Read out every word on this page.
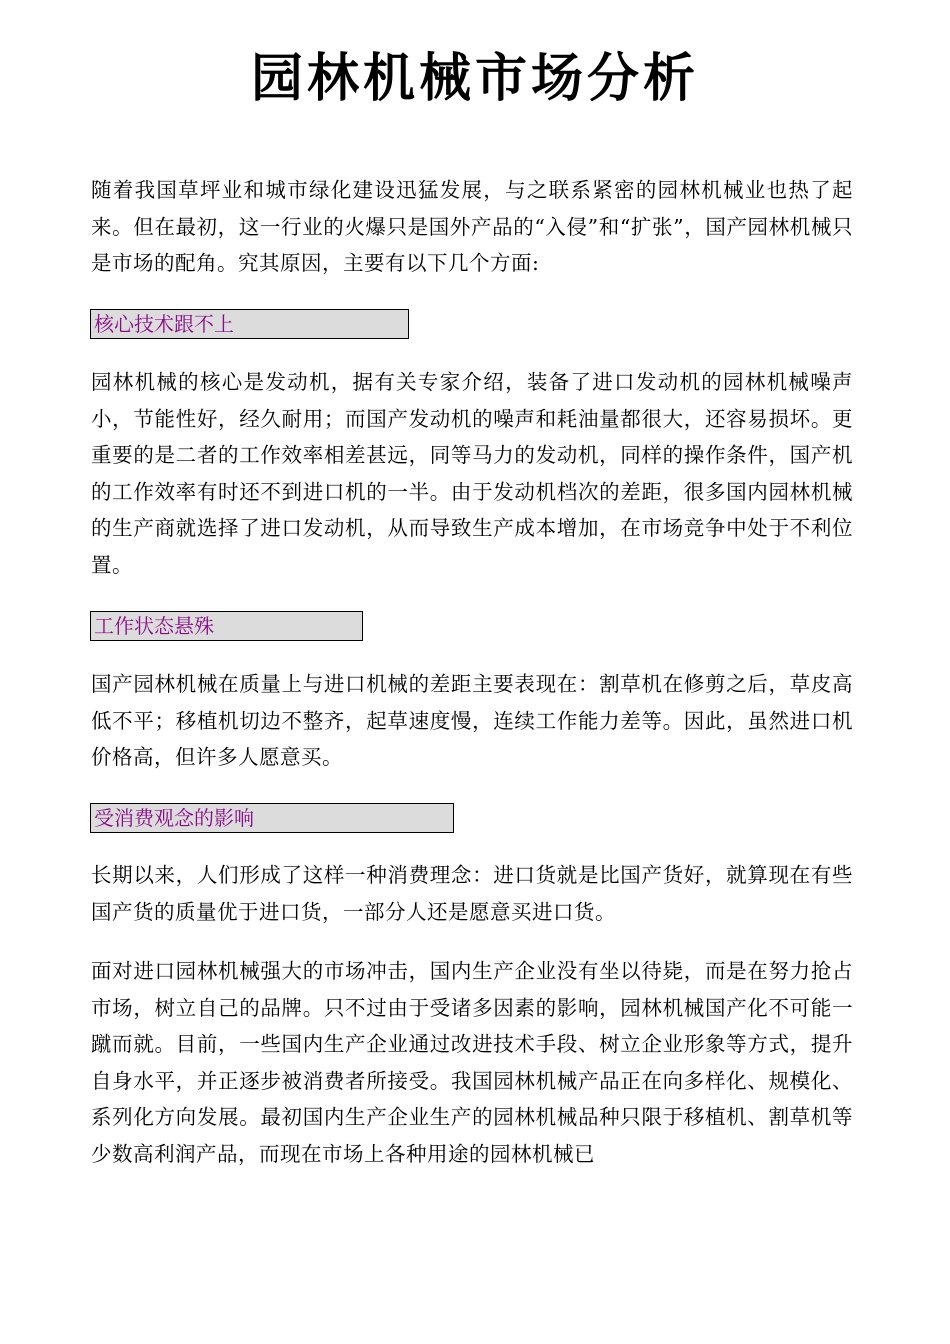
园林机械市场分析

随着我国草坪业和城市绿化建设迅猛发展，与之联系紧密的园林机械业也热了起来。但在最初，这一行业的火爆只是国外产品的“入侵”和“扩张”，国产园林机械只是市场的配角。究其原因，主要有以下几个方面:

核心技术跟不上

园林机械的核心是发动机，据有关专家介绍，装备了进口发动机的园林机械噪声小，节能性好，经久耐用；而国产发动机的噪声和耗油量都很大，还容易损坏。更重要的是二者的工作效率相差甚远，同等马力的发动机，同样的操作条件，国产机的工作效率有时还不到进口机的一半。由于发动机档次的差距，很多国内园林机械的生产商就选择了进口发动机，从而导致生产成本增加，在市场竞争中处于不利位置。

工作状态悬殊

国产园林机械在质量上与进口机械的差距主要表现在：割草机在修剪之后，草皮高低不平；移植机切边不整齐，起草速度慢，连续工作能力差等。因此，虽然进口机价格高，但许多人愿意买。

受消费观念的影响

长期以来，人们形成了这样一种消费理念：进口货就是比国产货好，就算现在有些国产货的质量优于进口货，一部分人还是愿意买进口货。

面对进口园林机械强大的市场冲击，国内生产企业没有坐以待毙，而是在努力抢占市场，树立自己的品牌。只不过由于受诸多因素的影响，园林机械国产化不可能一蹴而就。目前，一些国内生产企业通过改进技术手段、树立企业形象等方式，提升自身水平，并正逐步被消费者所接受。我国园林机械产品正在向多样化、规模化、系列化方向发展。最初国内生产企业生产的园林机械品种只限于移植机、割草机等少数高利润产品，而现在市场上各种用途的园林机械已
